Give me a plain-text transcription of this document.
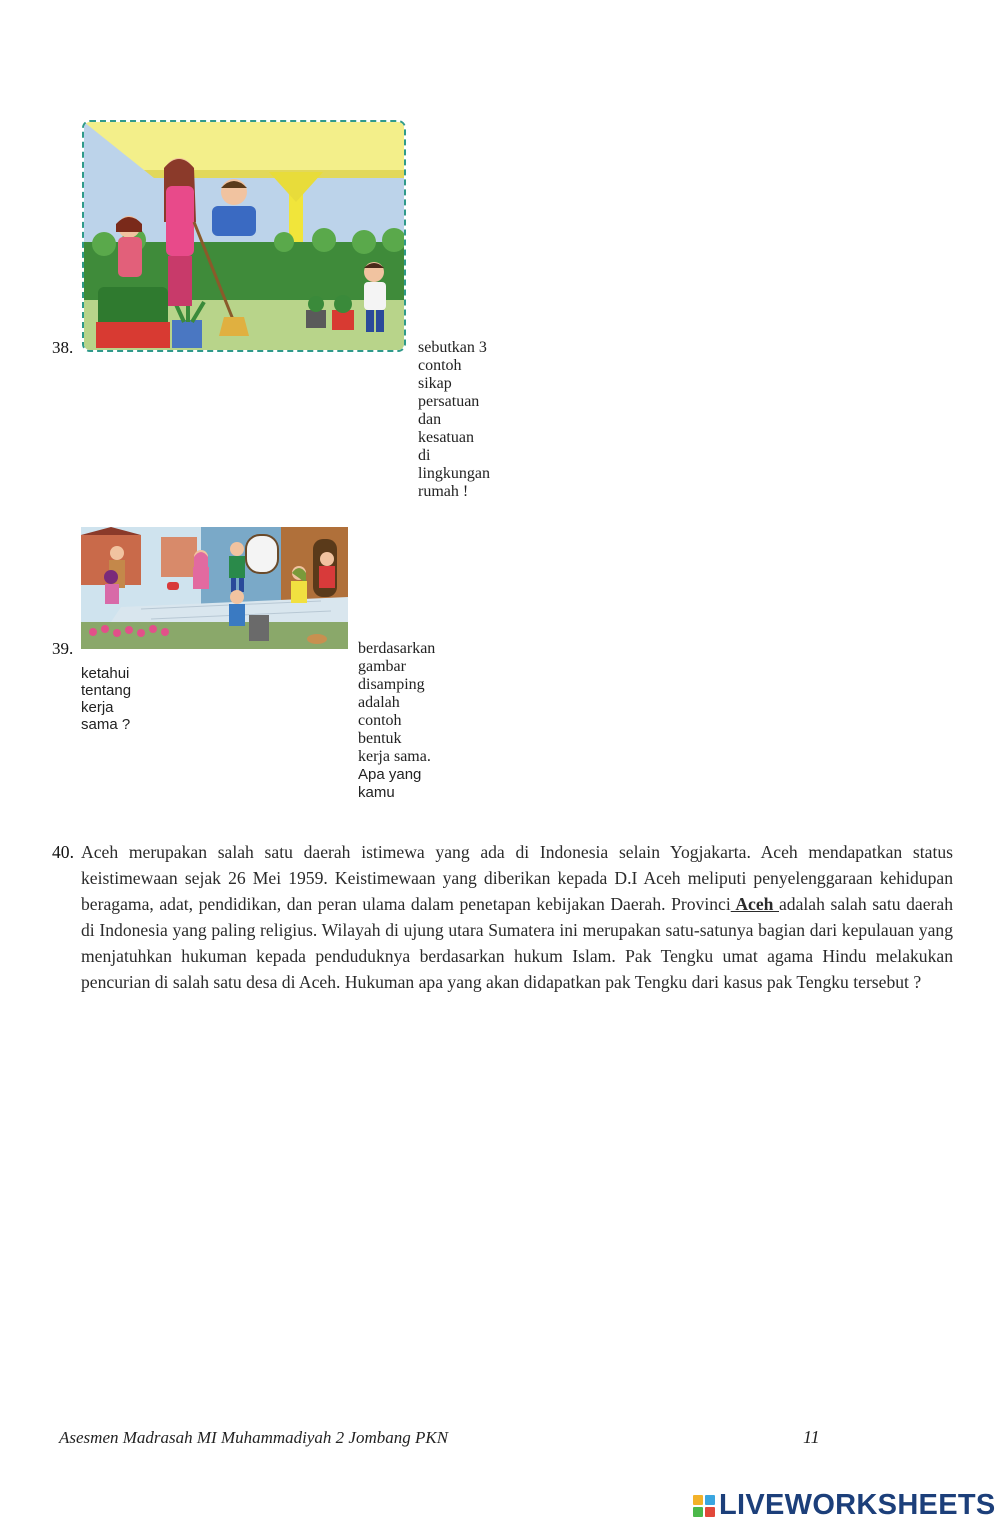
38.	sebutkan 3 contoh sikap persatuan dan kesatuan di lingkungan rumah !
39.	berdasarkan gambar disamping adalah contoh bentuk kerja sama. Apa yang kamu
ketahui tentang kerja sama ?
40. Aceh merupakan salah satu daerah istimewa yang ada di Indonesia selain Yogjakarta. Aceh mendapatkan status keistimewaan sejak 26 Mei 1959. Keistimewaan yang diberikan kepada D.I Aceh meliputi penyelenggaraan kehidupan beragama, adat, pendidikan, dan peran ulama dalam penetapan kebijakan Daerah. Provinci Aceh adalah salah satu daerah di Indonesia yang paling religius. Wilayah di ujung utara Sumatera ini merupakan satu-satunya bagian dari kepulauan yang menjatuhkan hukuman kepada penduduknya berdasarkan hukum Islam. Pak Tengku umat agama Hindu melakukan pencurian di salah satu desa di Aceh. Hukuman apa yang akan didapatkan pak Tengku dari kasus pak Tengku tersebut ?
Asesmen Madrasah MI Muhammadiyah 2 Jombang PKN	11
LIVEWORKSHEETS
